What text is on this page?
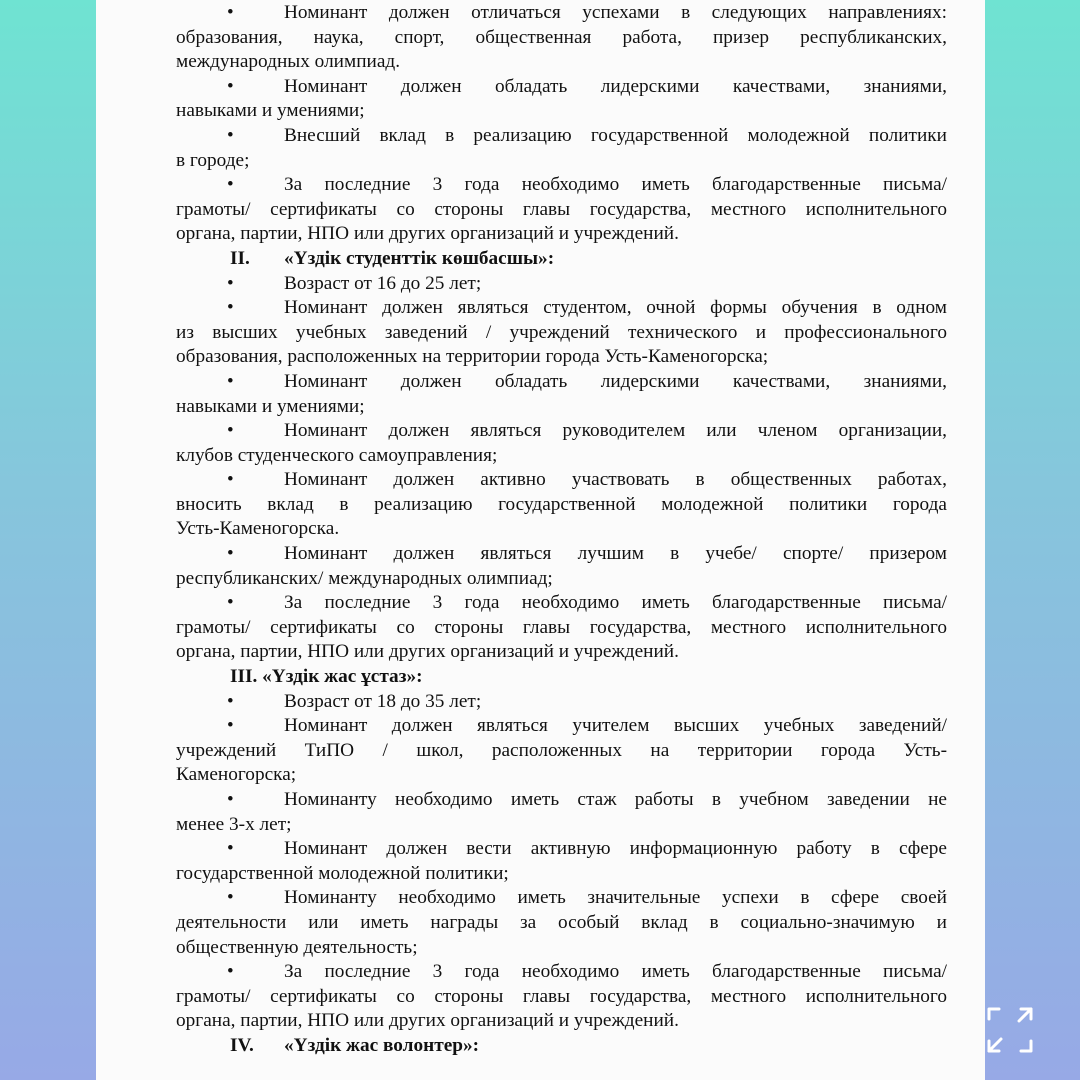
•	Номинант должен отличаться успехами в следующих направлениях:
образования, наука, спорт, общественная работа, призер республиканских,
международных олимпиад.
•	Номинант должен обладать лидерскими качествами, знаниями,
навыками и умениями;
•	Внесший вклад в реализацию государственной молодежной политики
в городе;
•	За последние 3 года необходимо иметь благодарственные письма/
грамоты/ сертификаты со стороны главы государства, местного исполнительного
органа, партии, НПО или других организаций и учреждений.
II. «Үздік студенттік көшбасшы»:
•	Возраст от 16 до 25 лет;
•	Номинант должен являться студентом, очной формы обучения в одном
из высших учебных заведений / учреждений технического и профессионального
образования, расположенных на территории города Усть-Каменогорска;
•	Номинант должен обладать лидерскими качествами, знаниями,
навыками и умениями;
•	Номинант должен являться руководителем или членом организации,
клубов студенческого самоуправления;
•	Номинант должен активно участвовать в общественных работах,
вносить вклад в реализацию государственной молодежной политики города
Усть-Каменогорска.
•	Номинант должен являться лучшим в учебе/ спорте/ призером
республиканских/ международных олимпиад;
•	За последние 3 года необходимо иметь благодарственные письма/
грамоты/ сертификаты со стороны главы государства, местного исполнительного
органа, партии, НПО или других организаций и учреждений.
III. «Үздік жас ұстаз»:
•	Возраст от 18 до 35 лет;
•	Номинант должен являться учителем высших учебных заведений/
учреждений ТиПО / школ, расположенных на территории города Усть-
Каменогорска;
•	Номинанту необходимо иметь стаж работы в учебном заведении не
менее 3-х лет;
•	Номинант должен вести активную информационную работу в сфере
государственной молодежной политики;
•	Номинанту необходимо иметь значительные успехи в сфере своей
деятельности или иметь награды за особый вклад в социально-значимую и
общественную деятельность;
•	За последние 3 года необходимо иметь благодарственные письма/
грамоты/ сертификаты со стороны главы государства, местного исполнительного
органа, партии, НПО или других организаций и учреждений.
IV. «Үздік жас волонтер»:
